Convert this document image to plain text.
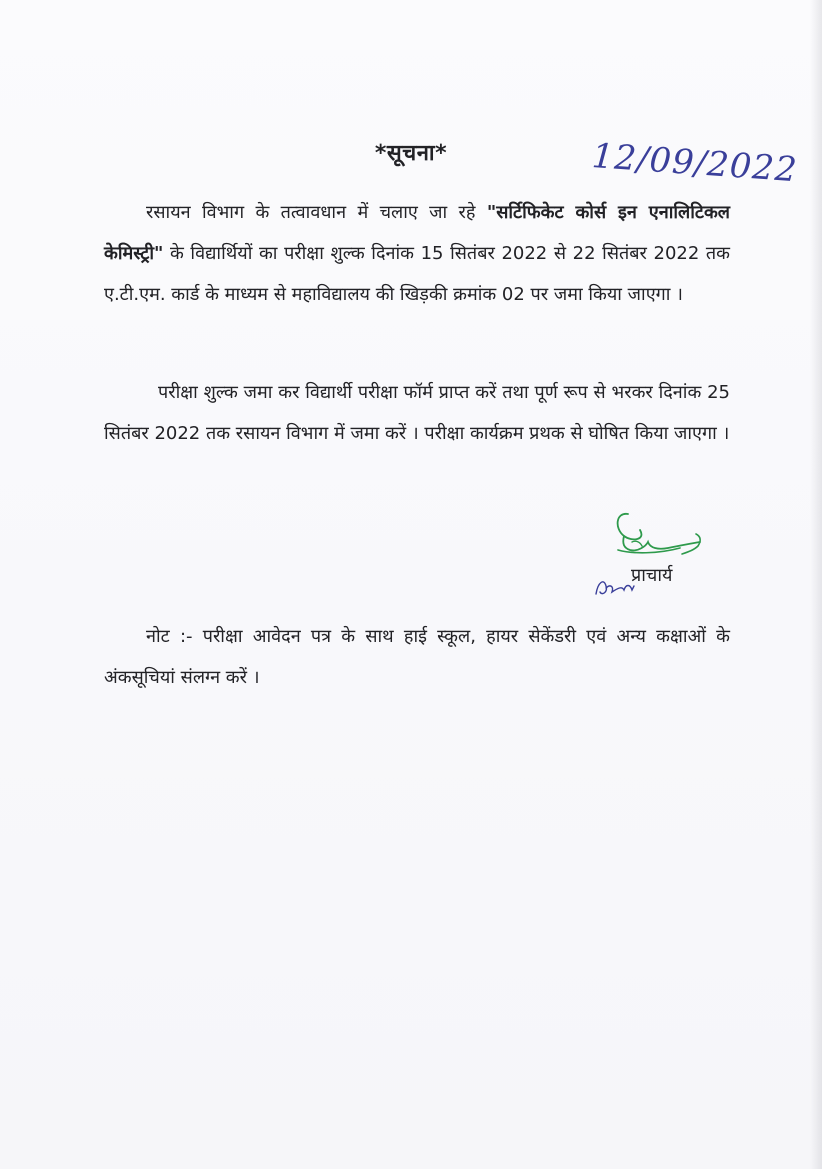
*सूचना*	12/09/2022

रसायन विभाग के तत्वावधान में चलाए जा रहे "सर्टिफिकेट कोर्स इन एनालिटिकल केमिस्ट्री" के विद्यार्थियों का परीक्षा शुल्क दिनांक 15 सितंबर 2022 से 22 सितंबर 2022 तक ए.टी.एम. कार्ड के माध्यम से महाविद्यालय की खिड़की क्रमांक 02 पर जमा किया जाएगा ।

परीक्षा शुल्क जमा कर विद्यार्थी परीक्षा फॉर्म प्राप्त करें तथा पूर्ण रूप से भरकर दिनांक 25 सितंबर 2022 तक रसायन विभाग में जमा करें । परीक्षा कार्यक्रम प्रथक से घोषित किया जाएगा ।

प्राचार्य

नोट :- परीक्षा आवेदन पत्र के साथ हाई स्कूल, हायर सेकेंडरी एवं अन्य कक्षाओं के अंकसूचियां संलग्न करें ।
